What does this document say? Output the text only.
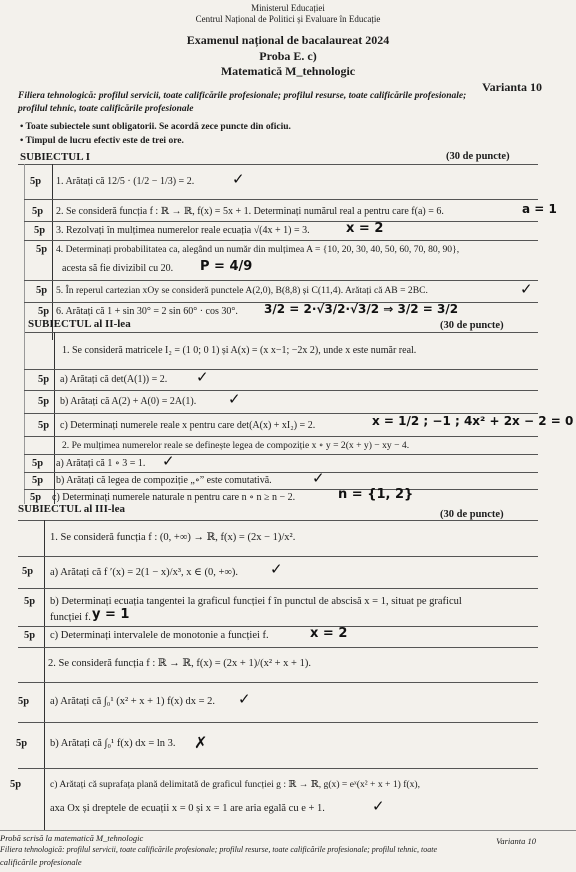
Ministerul Educației
Centrul Național de Politici și Evaluare în Educație
Examenul național de bacalaureat 2024
Proba E. c)
Matematică M_tehnologic
Varianta 10
Filiera tehnologică: profilul servicii, toate calificările profesionale; profilul resurse, toate calificările profesionale;
profilul tehnic, toate calificările profesionale
• Toate subiectele sunt obligatorii. Se acordă zece puncte din oficiu.
• Timpul de lucru efectiv este de trei ore.
SUBIECTUL I	(30 de puncte)
5p 1. Arătați că 12/5 · (1/2 − 1/3) = 2.	✓
5p 2. Se consideră funcția f : ℝ → ℝ, f(x) = 5x + 1. Determinați numărul real a pentru care f(a) = 6.	a = 1
5p 3. Rezolvați în mulțimea numerelor reale ecuația √(4x + 1) = 3.	x = 2
5p 4. Determinați probabilitatea ca, alegând un număr din mulțimea A = {10, 20, 30, 40, 50, 60, 70, 80, 90},
acesta să fie divizibil cu 20. P = 4/9
5p 5. În reperul cartezian xOy se consideră punctele A(2,0), B(8,8) și C(11,4). Arătați că AB = 2BC.	✓
5p 6. Arătați că 1 + sin 30° = 2 sin 60° · cos 30°. 3/2 = 2·√3/2·√3/2 ⇒ 3/2 = 3/2
SUBIECTUL al II-lea	(30 de puncte)
1. Se consideră matricele I₂ = (1 0; 0 1) și A(x) = (x x−1; −2x 2), unde x este număr real.
5p a) Arătați că det(A(1)) = 2. ✓
5p b) Arătați că A(2) + A(0) = 2A(1). ✓
5p c) Determinați numerele reale x pentru care det(A(x) + xI₂) = 2.	x = 1/2 ; −1 ; 4x² + 2x − 2 = 0
2. Pe mulțimea numerelor reale se definește legea de compoziție x ∘ y = 2(x + y) − xy − 4.
5p a) Arătați că 1 ∘ 3 = 1. ✓
5p b) Arătați că legea de compoziție „∘” este comutativă.	✓
5p c) Determinați numerele naturale n pentru care n ∘ n ≥ n − 2.	n = {1, 2}
SUBIECTUL al III-lea	(30 de puncte)
1. Se consideră funcția f : (0, +∞) → ℝ, f(x) = (2x − 1)/x².
5p a) Arătați că f ′(x) = 2(1 − x)/x³, x ∈ (0, +∞). ✓
5p b) Determinați ecuația tangentei la graficul funcției f în punctul de abscisă x = 1, situat pe graficul
funcției f. y = 1
5p c) Determinați intervalele de monotonie a funcției f.	x = 2
2. Se consideră funcția f : ℝ → ℝ, f(x) = (2x + 1)/(x² + x + 1).
5p a) Arătați că ∫₀¹ (x² + x + 1) f(x) dx = 2. ✓
5p b) Arătați că ∫₀¹ f(x) dx = ln 3. ✗
5p	c) Arătați că suprafața plană delimitată de graficul funcției g : ℝ → ℝ, g(x) = eˣ(x² + x + 1) f(x),
axa Ox și dreptele de ecuații x = 0 și x = 1 are aria egală cu e + 1.	✓
Probă scrisă la matematică M_tehnologic	Varianta 10
Filiera tehnologică: profilul servicii, toate calificările profesionale; profilul resurse, toate calificările profesionale; profilul tehnic, toate
calificările profesionale
